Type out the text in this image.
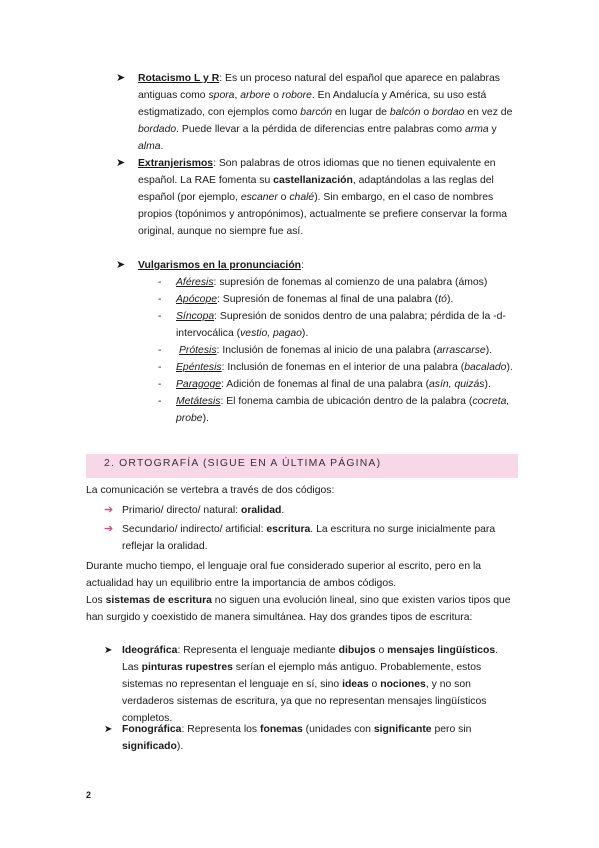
➤ Rotacismo L y R: Es un proceso natural del español que aparece en palabras antiguas como spora, arbore o robore. En Andalucía y América, su uso está estigmatizado, con ejemplos como barcón en lugar de balcón o bordao en vez de bordado. Puede llevar a la pérdida de diferencias entre palabras como arma y alma.

➤ Extranjerismos: Son palabras de otros idiomas que no tienen equivalente en español. La RAE fomenta su castellanización, adaptándolas a las reglas del español (por ejemplo, escaner o chalé). Sin embargo, en el caso de nombres propios (topónimos y antropónimos), actualmente se prefiere conservar la forma original, aunque no siempre fue así.

➤ Vulgarismos en la pronunciación:

- Aféresis: supresión de fonemas al comienzo de una palabra (ámos)
- Apócope: Supresión de fonemas al final de una palabra (tó).
- Síncopa: Supresión de sonidos dentro de una palabra; pérdida de la -d- intervocálica (vestio, pagao).
- Prótesis: Inclusión de fonemas al inicio de una palabra (arrascarse).
- Epéntesis: Inclusión de fonemas en el interior de una palabra (bacalado).
- Paragoge: Adición de fonemas al final de una palabra (asín, quizás).
- Metátesis: El fonema cambia de ubicación dentro de la palabra (cocreta, probe).
2. ORTOGRAFÍA (SIGUE EN A ÚLTIMA PÁGINA)

La comunicación se vertebra a través de dos códigos:

➔ Primario/ directo/ natural: oralidad.
➔ Secundario/ indirecto/ artificial: escritura. La escritura no surge inicialmente para reflejar la oralidad.

Durante mucho tiempo, el lenguaje oral fue considerado superior al escrito, pero en la actualidad hay un equilibrio entre la importancia de ambos códigos.

Los sistemas de escritura no siguen una evolución lineal, sino que existen varios tipos que han surgido y coexistido de manera simultánea. Hay dos grandes tipos de escritura:

➤ Ideográfica: Representa el lenguaje mediante dibujos o mensajes lingüísticos. Las pinturas rupestres serían el ejemplo más antiguo. Probablemente, estos sistemas no representan el lenguaje en sí, sino ideas o nociones, y no son verdaderos sistemas de escritura, ya que no representan mensajes lingüísticos completos.
➤ Fonográfica: Representa los fonemas (unidades con significante pero sin significado).
2
